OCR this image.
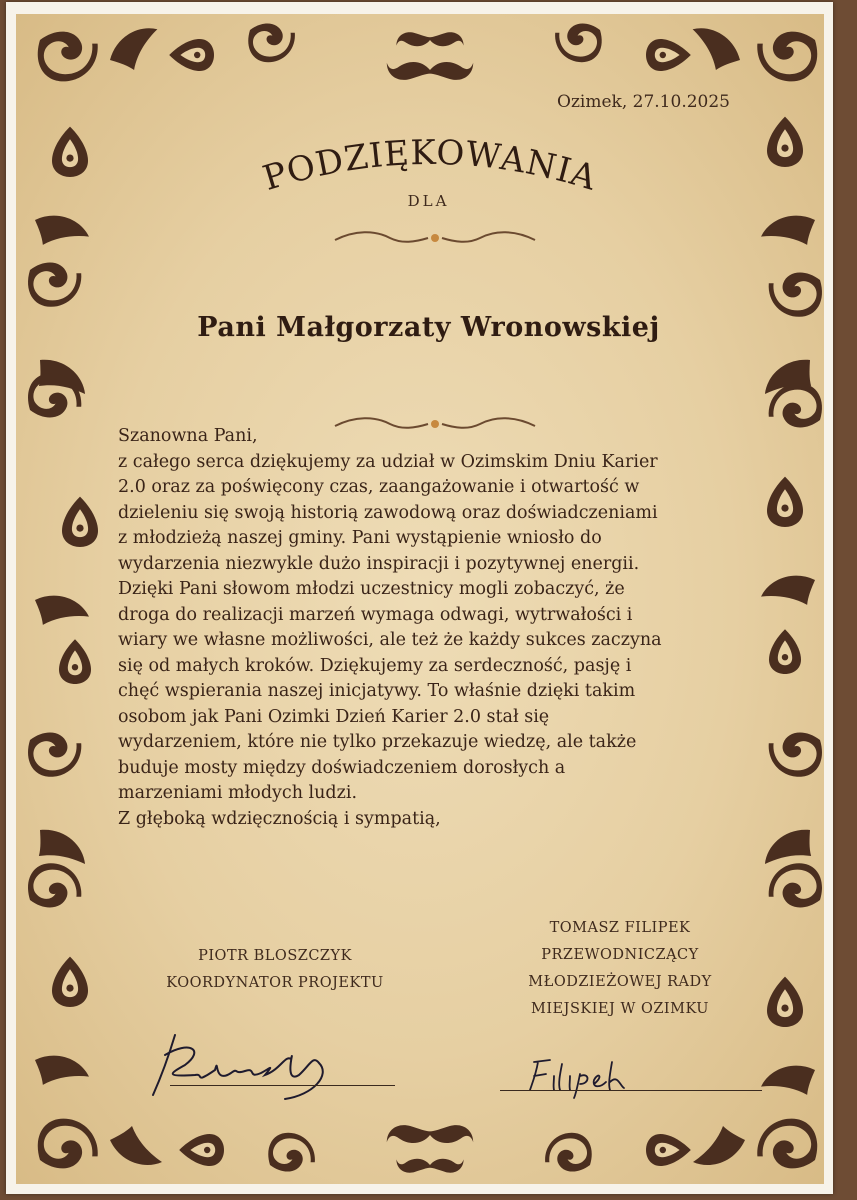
Ozimek, 27.10.2025
PODZIĘKOWANIA
DLA
Pani Małgorzaty Wronowskiej
Szanowna Pani,
z całego serca dziękujemy za udział w Ozimskim Dniu Karier
2.0 oraz za poświęcony czas, zaangażowanie i otwartość w
dzieleniu się swoją historią zawodową oraz doświadczeniami
z młodzieżą naszej gminy. Pani wystąpienie wniosło do
wydarzenia niezwykle dużo inspiracji i pozytywnej energii.
Dzięki Pani słowom młodzi uczestnicy mogli zobaczyć, że
droga do realizacji marzeń wymaga odwagi, wytrwałości i
wiary we własne możliwości, ale też że każdy sukces zaczyna
się od małych kroków. Dziękujemy za serdeczność, pasję i
chęć wspierania naszej inicjatywy. To właśnie dzięki takim
osobom jak Pani Ozimki Dzień Karier 2.0 stał się
wydarzeniem, które nie tylko przekazuje wiedzę, ale także
buduje mosty między doświadczeniem dorosłych a
marzeniami młodych ludzi.
Z głęboką wdzięcznością i sympatią,
PIOTR BLOSZCZYK
KOORDYNATOR PROJEKTU
TOMASZ FILIPEK
PRZEWODNICZĄCY
MŁODZIEŻOWEJ RADY
MIEJSKIEJ W OZIMKU
